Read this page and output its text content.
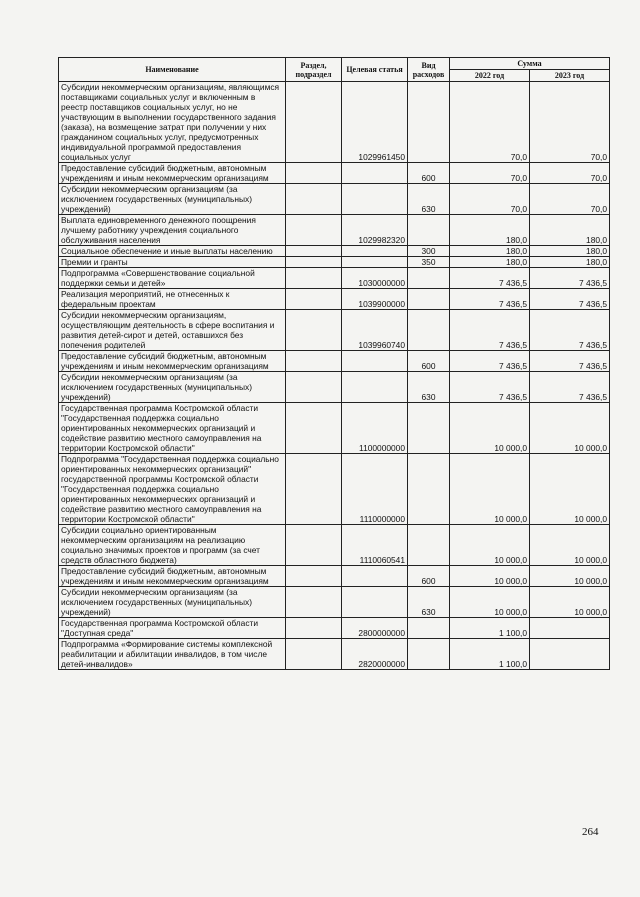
Наименование	Раздел, подраздел	Целевая статья	Вид расходов	Сумма	
				2022 год	2023 год
Субсидии некоммерческим организациям, являющимся поставщиками социальных услуг и включенным в реестр поставщиков социальных услуг, но не участвующим в выполнении государственного задания (заказа), на возмещение затрат при получении у них гражданином социальных услуг, предусмотренных индивидуальной программой предоставления социальных услуг		1029961450		70,0	70,0
Предоставление субсидий бюджетным, автономным учреждениям и иным некоммерческим организациям			600	70,0	70,0
Субсидии некоммерческим организациям (за исключением государственных (муниципальных) учреждений)			630	70,0	70,0
Выплата единовременного денежного поощрения лучшему работнику учреждения социального обслуживания населения		1029982320		180,0	180,0
Социальное обеспечение и иные выплаты населению			300	180,0	180,0
Премии и гранты			350	180,0	180,0
Подпрограмма «Совершенствование социальной поддержки семьи и детей»		1030000000		7 436,5	7 436,5
Реализация мероприятий, не отнесенных к федеральным проектам		1039900000		7 436,5	7 436,5
Субсидии некоммерческим организациям, осуществляющим деятельность в сфере воспитания и развития детей-сирот и детей, оставшихся без попечения родителей		1039960740		7 436,5	7 436,5
Предоставление субсидий бюджетным, автономным учреждениям и иным некоммерческим организациям			600	7 436,5	7 436,5
Субсидии некоммерческим организациям (за исключением государственных (муниципальных) учреждений)			630	7 436,5	7 436,5
Государственная программа Костромской области "Государственная поддержка социально ориентированных некоммерческих организаций и содействие развитию местного самоуправления на территории Костромской области"		1100000000		10 000,0	10 000,0
Подпрограмма "Государственная поддержка социально ориентированных некоммерческих организаций" государственной программы Костромской области "Государственная поддержка социально ориентированных некоммерческих организаций и содействие развитию местного самоуправления на территории Костромской области"		1110000000		10 000,0	10 000,0
Субсидии социально ориентированным некоммерческим организациям на реализацию социально значимых проектов и программ (за счет средств областного бюджета)		1110060541		10 000,0	10 000,0
Предоставление субсидий бюджетным, автономным учреждениям и иным некоммерческим организациям			600	10 000,0	10 000,0
Субсидии некоммерческим организациям (за исключением государственных (муниципальных) учреждений)			630	10 000,0	10 000,0
Государственная программа Костромской области "Доступная среда"		2800000000		1 100,0	
Подпрограмма «Формирование системы комплексной реабилитации и абилитации инвалидов, в том числе детей-инвалидов»		2820000000		1 100,0	
264
